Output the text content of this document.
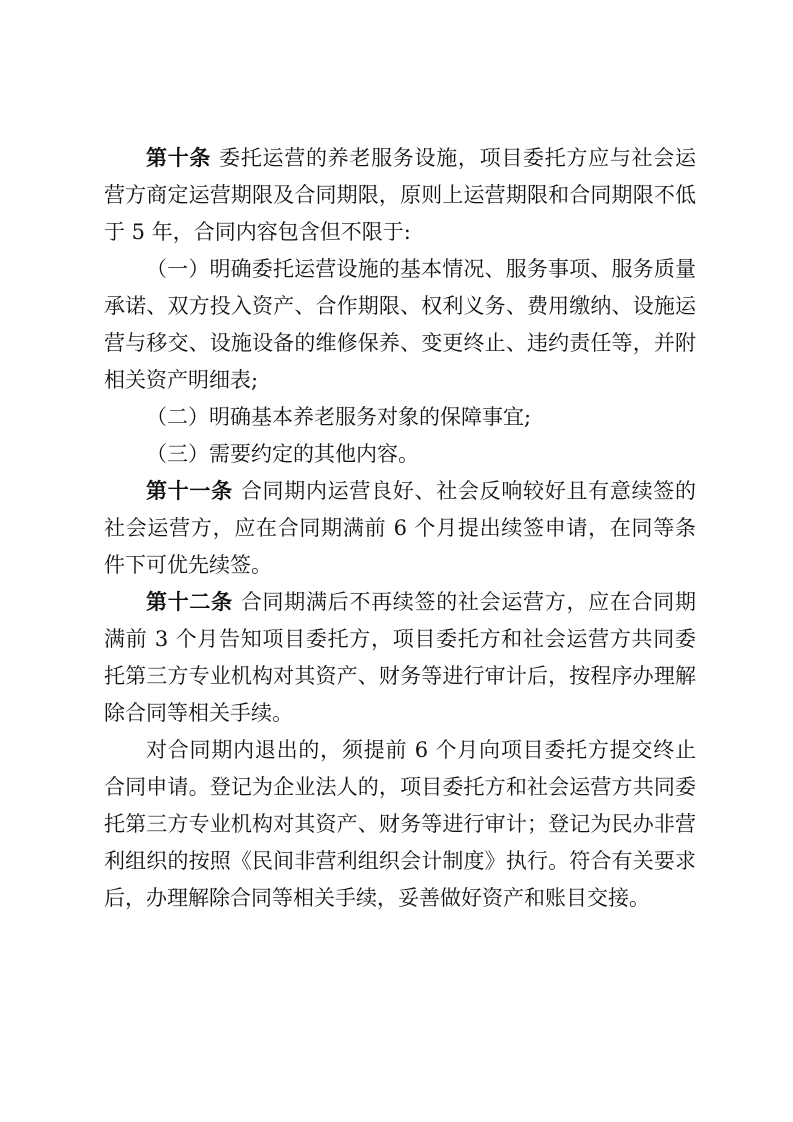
第十条 委托运营的养老服务设施，项目委托方应与社会运营方商定运营期限及合同期限，原则上运营期限和合同期限不低于 5 年，合同内容包含但不限于:

（一）明确委托运营设施的基本情况、服务事项、服务质量承诺、双方投入资产、合作期限、权利义务、费用缴纳、设施运营与移交、设施设备的维修保养、变更终止、违约责任等，并附相关资产明细表;

（二）明确基本养老服务对象的保障事宜;

（三）需要约定的其他内容。

第十一条 合同期内运营良好、社会反响较好且有意续签的社会运营方，应在合同期满前 6 个月提出续签申请，在同等条件下可优先续签。

第十二条 合同期满后不再续签的社会运营方，应在合同期满前 3 个月告知项目委托方，项目委托方和社会运营方共同委托第三方专业机构对其资产、财务等进行审计后，按程序办理解除合同等相关手续。

对合同期内退出的，须提前 6 个月向项目委托方提交终止合同申请。登记为企业法人的，项目委托方和社会运营方共同委托第三方专业机构对其资产、财务等进行审计；登记为民办非营利组织的按照《民间非营利组织会计制度》执行。符合有关要求后，办理解除合同等相关手续，妥善做好资产和账目交接。
